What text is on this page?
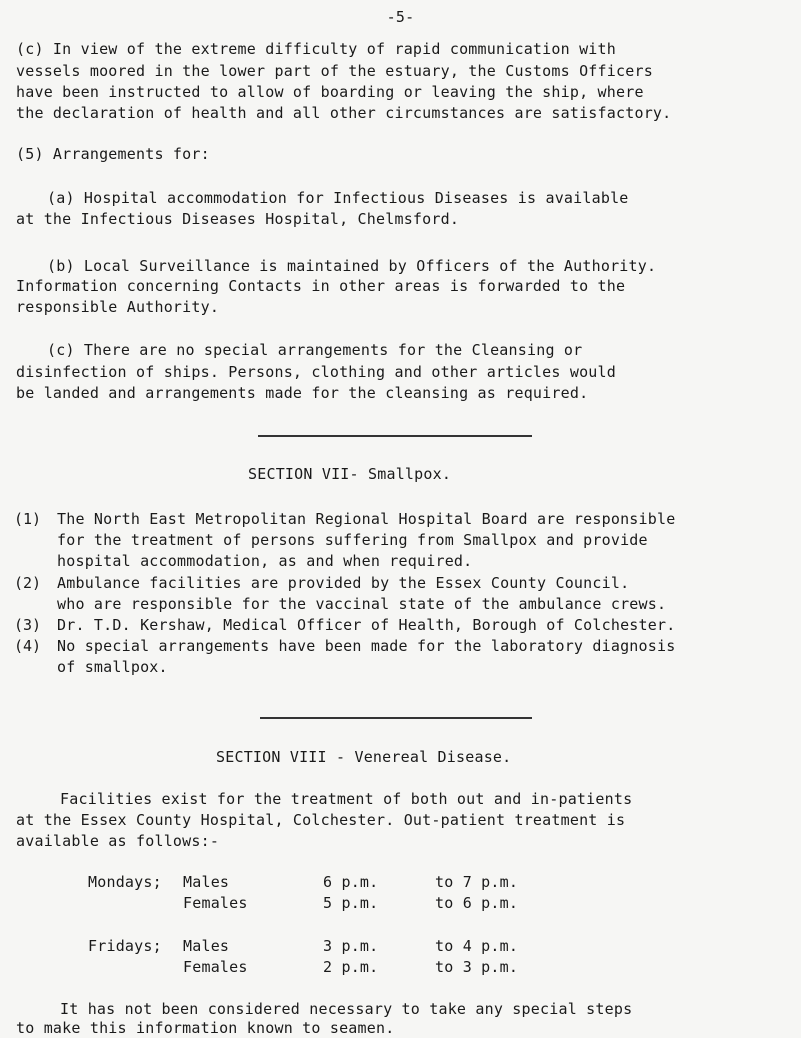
-5-
(c) In view of the extreme difficulty of rapid communication with
vessels moored in the lower part of the estuary, the Customs Officers
have been instructed to allow of boarding or leaving the ship, where
the declaration of health and all other circumstances are satisfactory.
(5) Arrangements for:
(a) Hospital accommodation for Infectious Diseases is available
at the Infectious Diseases Hospital, Chelmsford.
(b) Local Surveillance is maintained by Officers of the Authority.
Information concerning Contacts in other areas is forwarded to the
responsible Authority.
(c) There are no special arrangements for the Cleansing or
disinfection of ships. Persons, clothing and other articles would
be landed and arrangements made for the cleansing as required.
SECTION VII- Smallpox.
(1) The North East Metropolitan Regional Hospital Board are responsible
for the treatment of persons suffering from Smallpox and provide
hospital accommodation, as and when required.
(2) Ambulance facilities are provided by the Essex County Council.
who are responsible for the vaccinal state of the ambulance crews.
(3) Dr. T.D. Kershaw, Medical Officer of Health, Borough of Colchester.
(4) No special arrangements have been made for the laboratory diagnosis
of smallpox.
SECTION VIII - Venereal Disease.
Facilities exist for the treatment of both out and in-patients
at the Essex County Hospital, Colchester. Out-patient treatment is
available as follows:-
Mondays; Males	6 p.m.	to 7 p.m.
Females	5 p.m.	to 6 p.m.
Fridays; Males	3 p.m.	to 4 p.m.
Females	2 p.m.	to 3 p.m.
It has not been considered necessary to take any special steps
to make this information known to seamen.
